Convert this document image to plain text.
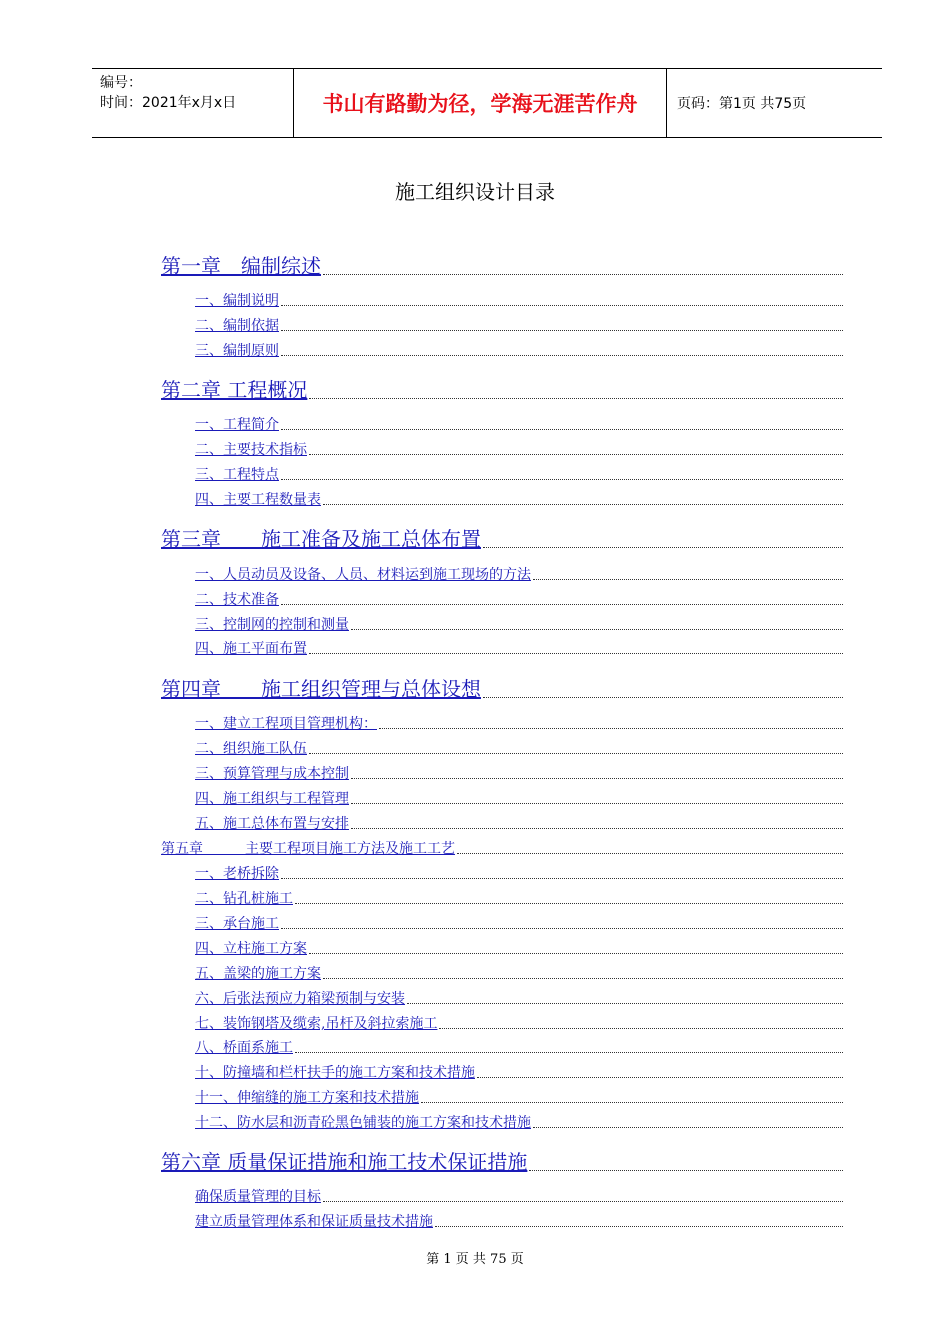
编号：
时间：2021年x月x日	书山有路勤为径，学海无涯苦作舟	页码：第1页 共75页
施工组织设计目录
第一章　编制综述
一、编制说明
二、编制依据
三、编制原则
第二章 工程概况
一、工程简介
二、主要技术指标
三、工程特点
四、主要工程数量表
第三章　　施工准备及施工总体布置
一、人员动员及设备、人员、材料运到施工现场的方法
二、技术准备
三、控制网的控制和测量
四、施工平面布置
第四章　　施工组织管理与总体设想
一、建立工程项目管理机构：
二、组织施工队伍
三、预算管理与成本控制
四、施工组织与工程管理
五、施工总体布置与安排
第五章　　　主要工程项目施工方法及施工工艺
一、老桥拆除
二、钻孔桩施工
三、承台施工
四、立柱施工方案
五、盖梁的施工方案
六、后张法预应力箱梁预制与安装
七、装饰钢塔及缆索,吊杆及斜拉索施工
八、桥面系施工
十、防撞墙和栏杆扶手的施工方案和技术措施
十一、伸缩缝的施工方案和技术措施
十二、防水层和沥青砼黑色铺装的施工方案和技术措施
第六章 质量保证措施和施工技术保证措施
确保质量管理的目标
建立质量管理体系和保证质量技术措施
第 1 页 共 75 页
